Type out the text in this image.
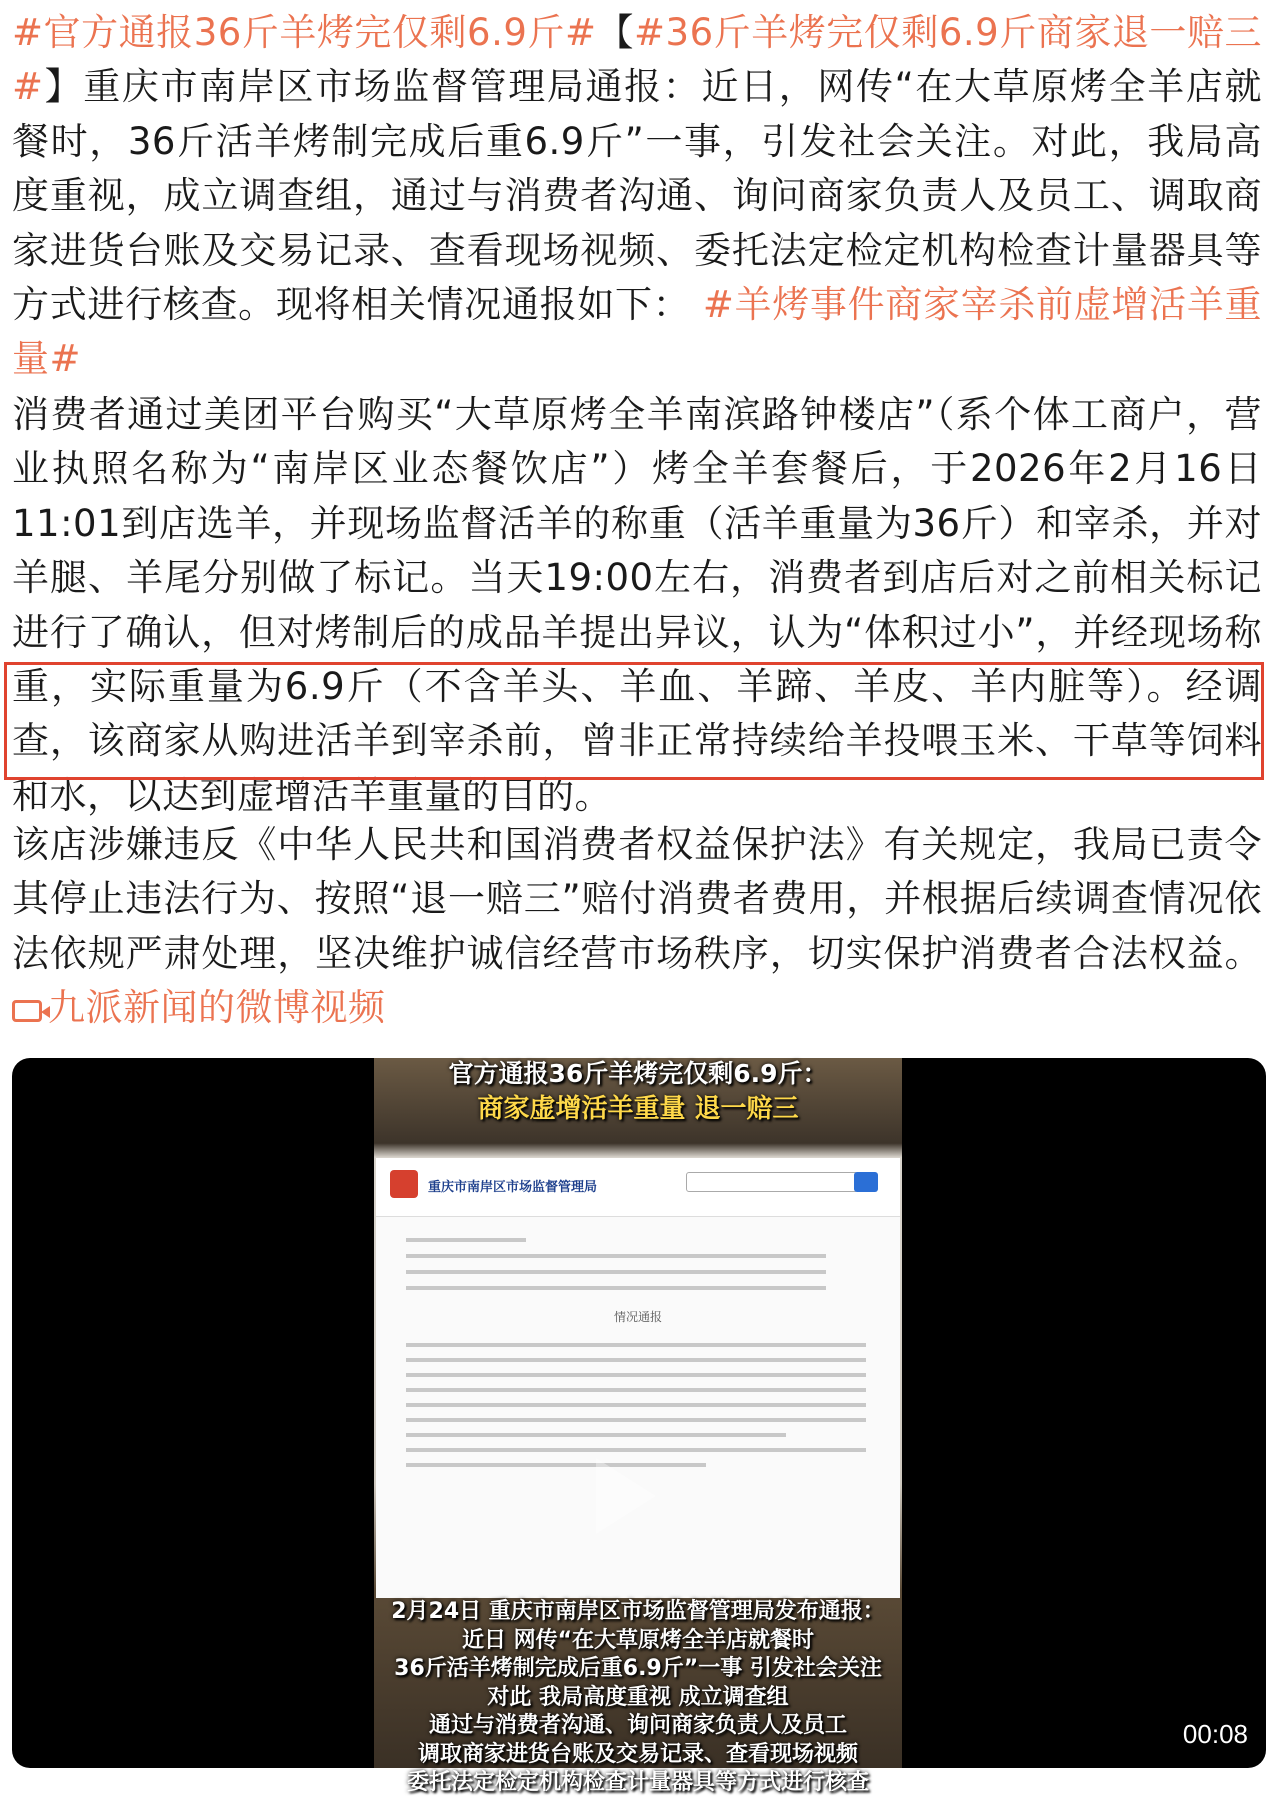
#官方通报36斤羊烤完仅剩6.9斤#【#36斤羊烤完仅剩6.9斤商家退一赔三#】重庆市南岸区市场监督管理局通报：近日，网传“在大草原烤全羊店就餐时，36斤活羊烤制完成后重6.9斤”一事，引发社会关注。对此，我局高度重视，成立调查组，通过与消费者沟通、询问商家负责人及员工、调取商家进货台账及交易记录、查看现场视频、委托法定检定机构检查计量器具等方式进行核查。现将相关情况通报如下： #羊烤事件商家宰杀前虚增活羊重量#

消费者通过美团平台购买“大草原烤全羊南滨路钟楼店”（系个体工商户，营业执照名称为“南岸区业态餐饮店”）烤全羊套餐后，于2026年2月16日11:01到店选羊，并现场监督活羊的称重（活羊重量为36斤）和宰杀，并对羊腿、羊尾分别做了标记。当天19:00左右，消费者到店后对之前相关标记进行了确认，但对烤制后的成品羊提出异议，认为“体积过小”，并经现场称重，实际重量为6.9斤（不含羊头、羊血、羊蹄、羊皮、羊内脏等）。经调查，该商家从购进活羊到宰杀前，曾非正常持续给羊投喂玉米、干草等饲料和水，以达到虚增活羊重量的目的。

该店涉嫌违反《中华人民共和国消费者权益保护法》有关规定，我局已责令其停止违法行为、按照“退一赔三”赔付消费者费用，并根据后续调查情况依法依规严肃处理，坚决维护诚信经营市场秩序，切实保护消费者合法权益。九派新闻的微博视频

官方通报36斤羊烤完仅剩6.9斤：
商家虚增活羊重量 退一赔三
重庆市南岸区市场监督管理局
情况通报
2月24日 重庆市南岸区市场监督管理局发布通报：
近日 网传“在大草原烤全羊店就餐时
36斤活羊烤制完成后重6.9斤”一事 引发社会关注
对此 我局高度重视 成立调查组
通过与消费者沟通、询问商家负责人及员工
调取商家进货台账及交易记录、查看现场视频
委托法定检定机构检查计量器具等方式进行核查
00:08
